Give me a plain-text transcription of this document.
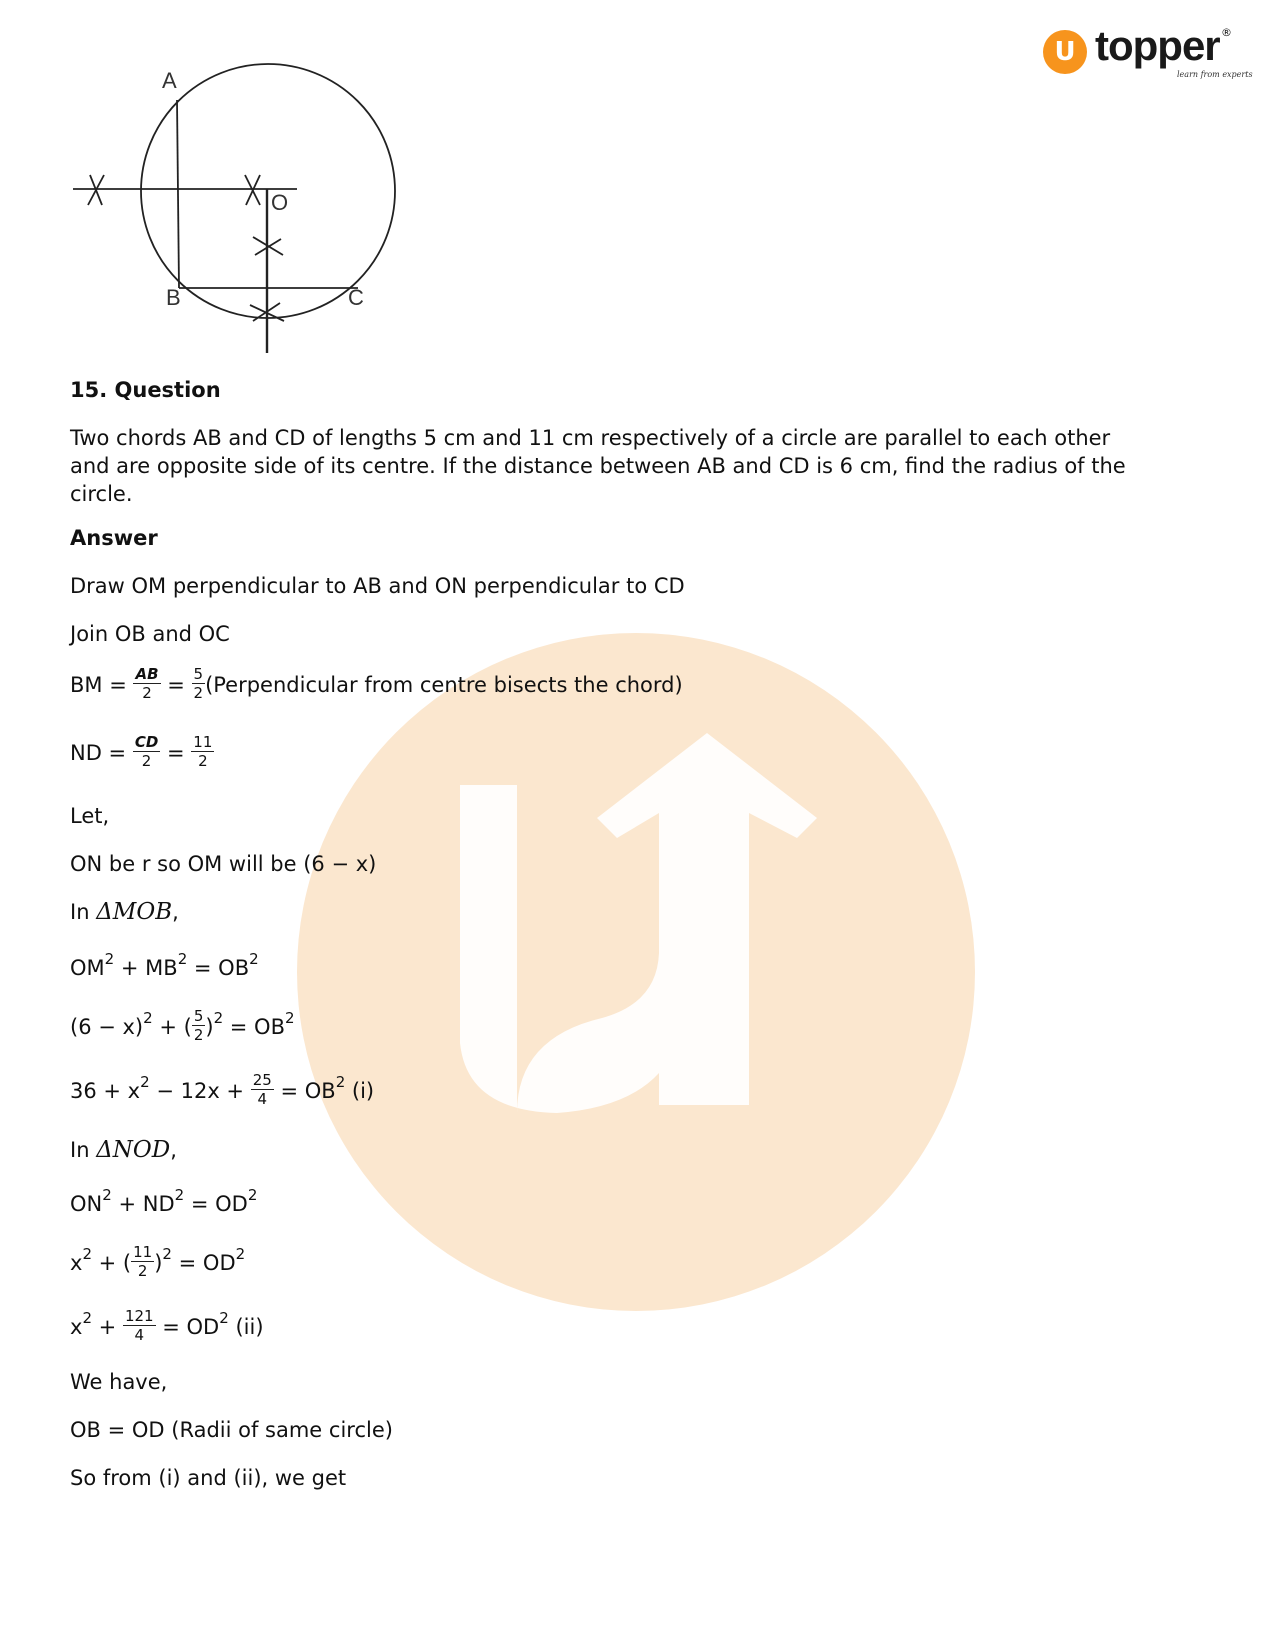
U topper ®
learn from experts
A
B	C
O
15. Question
Two chords AB and CD of lengths 5 cm and 11 cm respectively of a circle are parallel to each other
and are opposite side of its centre. If the distance between AB and CD is 6 cm, find the radius of the
circle.
Answer
Draw OM perpendicular to AB and ON perpendicular to CD
Join OB and OC
BM = $\frac{AB}{2} = \frac{5}{2}$ (Perpendicular from centre bisects the chord)
ND = $\frac{CD}{2} = \frac{11}{2}$
Let,
ON be r so OM will be (6 − x)
In ΔMOB,
$OM^2 + MB^2 = OB^2$
$(6 - x)^2$ + ( $\frac{5}{2} )^2 = OB^2$
$36 + x^2 - 12x + \frac{25}{4} = OB^2$ (i)
In ΔNOD,
$ON^2 + ND^2 = OD^2$
$x^2$ + ( $\frac{11}{2} )^2 = OD^2$
$x^2 + \frac{121}{4} = OD^2$ (ii)
We have,
OB = OD (Radii of same circle)
So from (i) and (ii), we get
